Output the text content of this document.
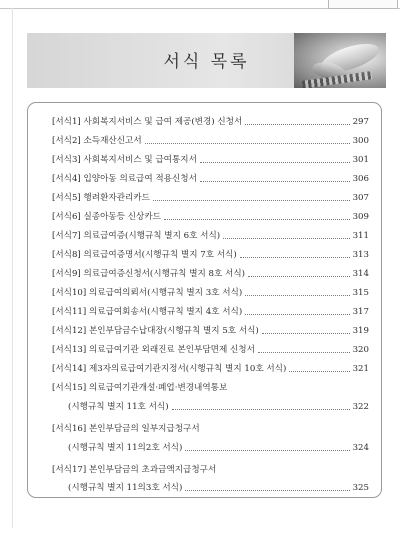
서식 목록
[서식1] 사회복지서비스 및 급여 제공(변경) 신청서	297
[서식2] 소득재산신고서	300
[서식3] 사회복지서비스 및 급여통지서	301
[서식4] 입양아동 의료급여 적용신청서	306
[서식5] 행려환자관리카드	307
[서식6] 실종아동등 신상카드	309
[서식7] 의료급여증(시행규칙 별지 6호 서식)	311
[서식8] 의료급여증명서(시행규칙 별지 7호 서식)	313
[서식9] 의료급여증신청서(시행규칙 별지 8호 서식)	314
[서식10] 의료급여의뢰서(시행규칙 별지 3호 서식)	315
[서식11] 의료급여회송서(시행규칙 별지 4호 서식)	317
[서식12] 본인부담금수납대장(시행규칙 별지 5호 서식)	319
[서식13] 의료급여기관 외래진료 본인부담면제 신청서	320
[서식14] 제3자의료급여기관지정서(시행규칙 별지 10호 서식)	321
[서식15] 의료급여기관개설·폐업·변경내역통보
(시행규칙 별지 11호 서식)	322
[서식16] 본인부담금의 일부지급청구서
(시행규칙 별지 11의2호 서식)	324
[서식17] 본인부담금의 초과금액지급청구서
(시행규칙 별지 11의3호 서식)	325
